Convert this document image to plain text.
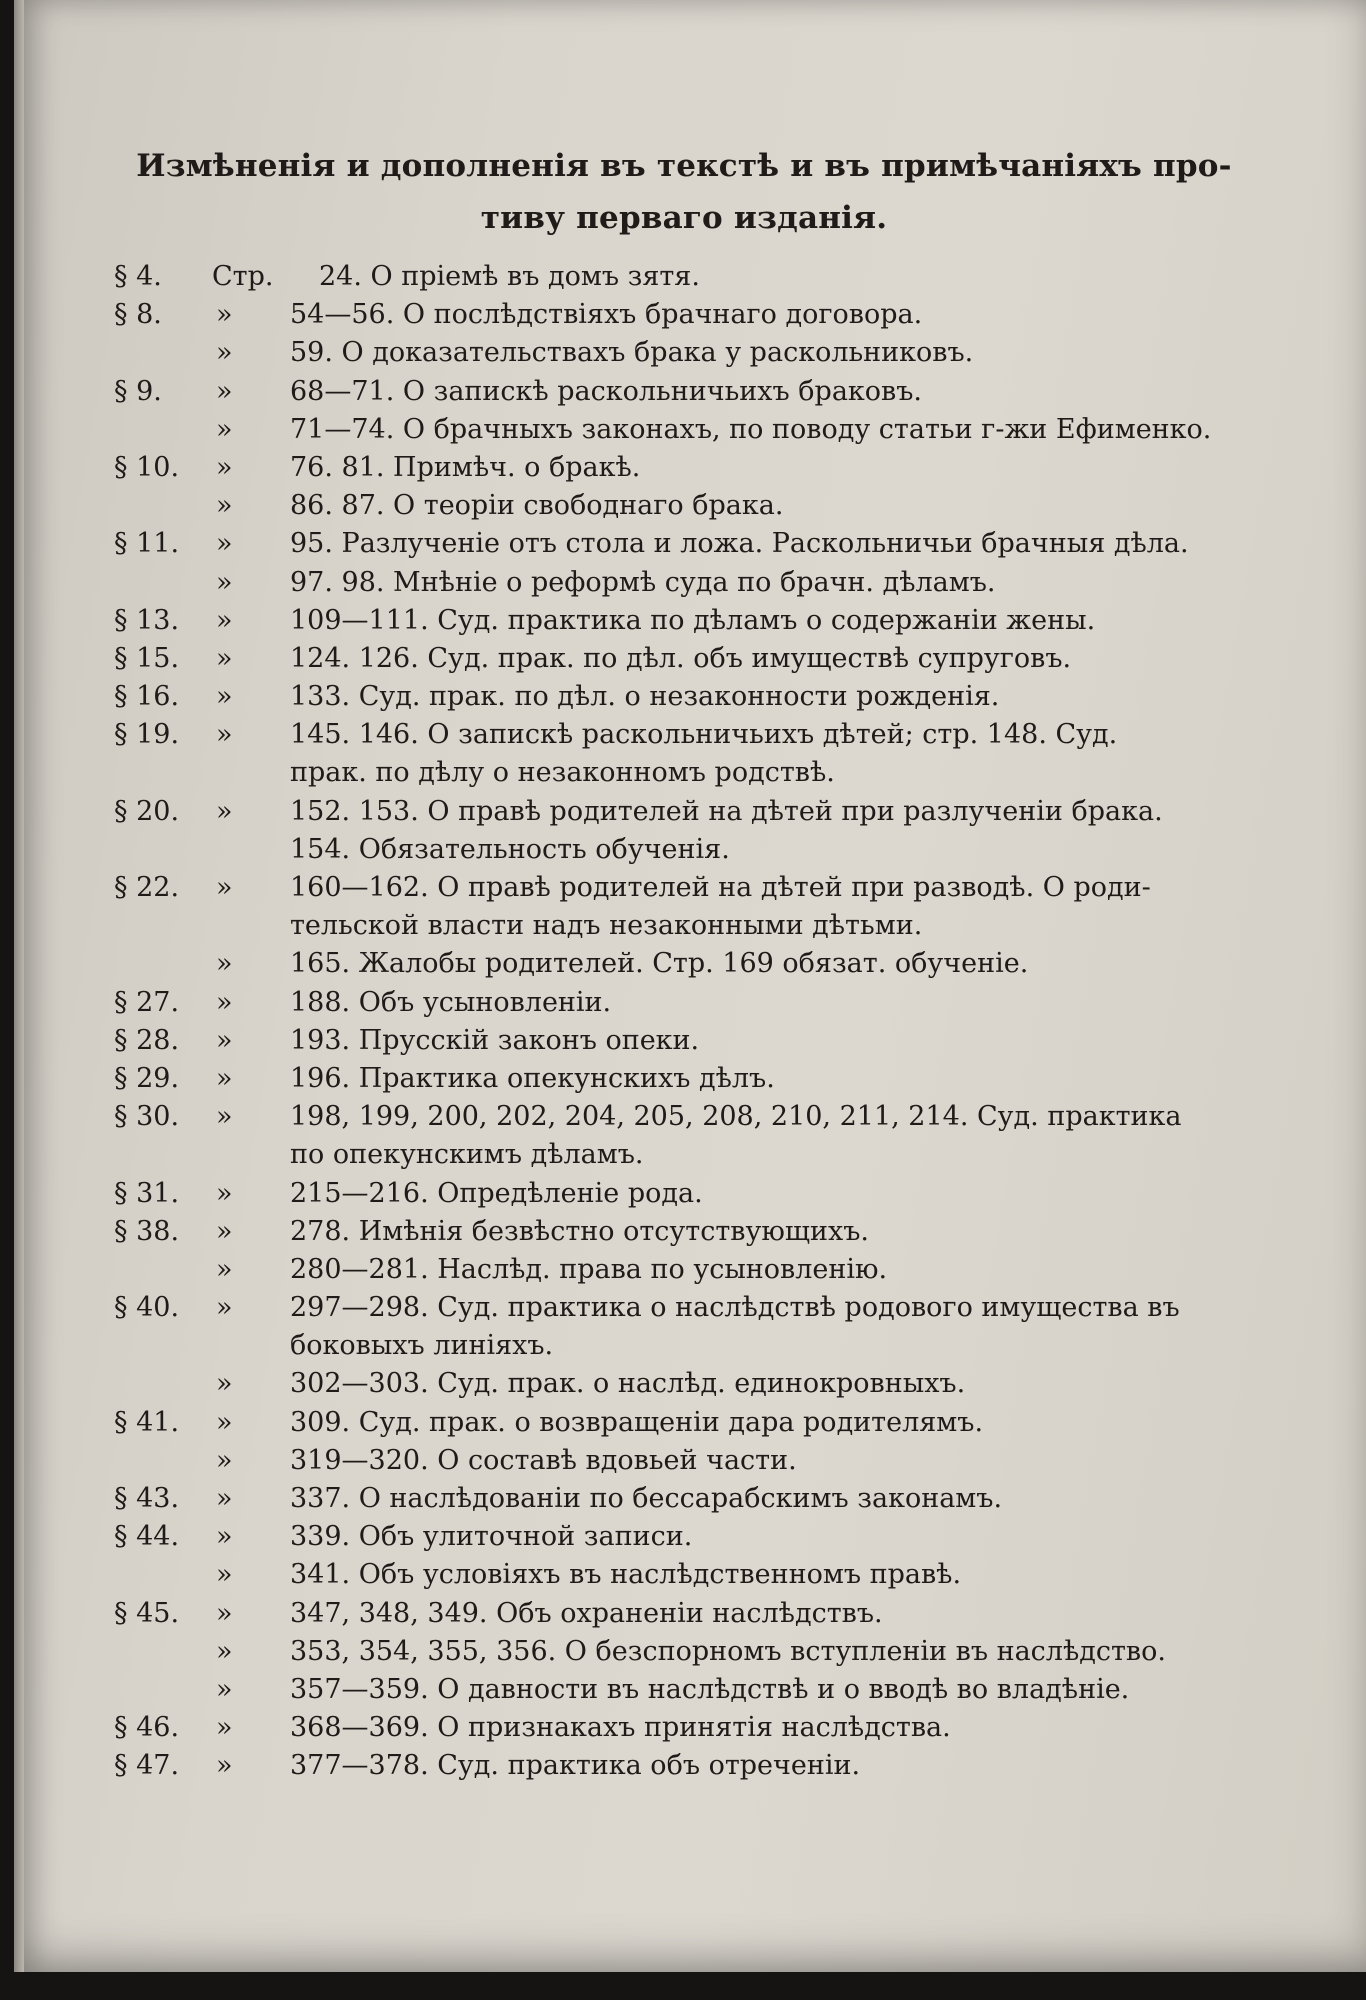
Измѣненія и дополненія въ текстѣ и въ примѣчаніяхъ про-
тиву перваго изданія.
§ 4.	Стр.	24. О пріемѣ въ домъ зятя.
§ 8.	»	54—56. О послѣдствіяхъ брачнаго договора.
»	59. О доказательствахъ брака у раскольниковъ.
§ 9.	»	68—71. О запискѣ раскольничьихъ браковъ.
»	71—74. О брачныхъ законахъ, по поводу статьи г-жи Ефименко.
§ 10.	»	76. 81. Примѣч. о бракѣ.
»	86. 87. О теоріи свободнаго брака.
§ 11.	»	95. Разлученіе отъ стола и ложа. Раскольничьи брачныя дѣла.
»	97. 98. Мнѣніе о реформѣ суда по брачн. дѣламъ.
§ 13.	»	109—111. Суд. практика по дѣламъ о содержаніи жены.
§ 15.	»	124. 126. Суд. прак. по дѣл. объ имуществѣ супруговъ.
§ 16.	»	133. Суд. прак. по дѣл. о незаконности рожденія.
§ 19.	»	145. 146. О запискѣ раскольничьихъ дѣтей; стр. 148. Суд.
прак. по дѣлу о незаконномъ родствѣ.
§ 20.	»	152. 153. О правѣ родителей на дѣтей при разлученіи брака.
154. Обязательность обученія.
§ 22.	»	160—162. О правѣ родителей на дѣтей при разводѣ. О роди-
тельской власти надъ незаконными дѣтьми.
»	165. Жалобы родителей. Стр. 169 обязат. обученіе.
§ 27.	»	188. Объ усыновленіи.
§ 28.	»	193. Прусскій законъ опеки.
§ 29.	»	196. Практика опекунскихъ дѣлъ.
§ 30.	»	198, 199, 200, 202, 204, 205, 208, 210, 211, 214. Суд. практика
по опекунскимъ дѣламъ.
§ 31.	»	215—216. Опредѣленіе рода.
§ 38.	»	278. Имѣнія безвѣстно отсутствующихъ.
»	280—281. Наслѣд. права по усыновленію.
§ 40.	»	297—298. Суд. практика о наслѣдствѣ родового имущества въ
боковыхъ линіяхъ.
»	302—303. Суд. прак. о наслѣд. единокровныхъ.
§ 41.	»	309. Суд. прак. о возвращеніи дара родителямъ.
»	319—320. О составѣ вдовьей части.
§ 43.	»	337. О наслѣдованіи по бессарабскимъ законамъ.
§ 44.	»	339. Объ улиточной записи.
»	341. Объ условіяхъ въ наслѣдственномъ правѣ.
§ 45.	»	347, 348, 349. Объ охраненіи наслѣдствъ.
»	353, 354, 355, 356. О безспорномъ вступленіи въ наслѣдство.
»	357—359. О давности въ наслѣдствѣ и о вводѣ во владѣніе.
§ 46.	»	368—369. О признакахъ принятія наслѣдства.
§ 47.	»	377—378. Суд. практика объ отреченіи.
